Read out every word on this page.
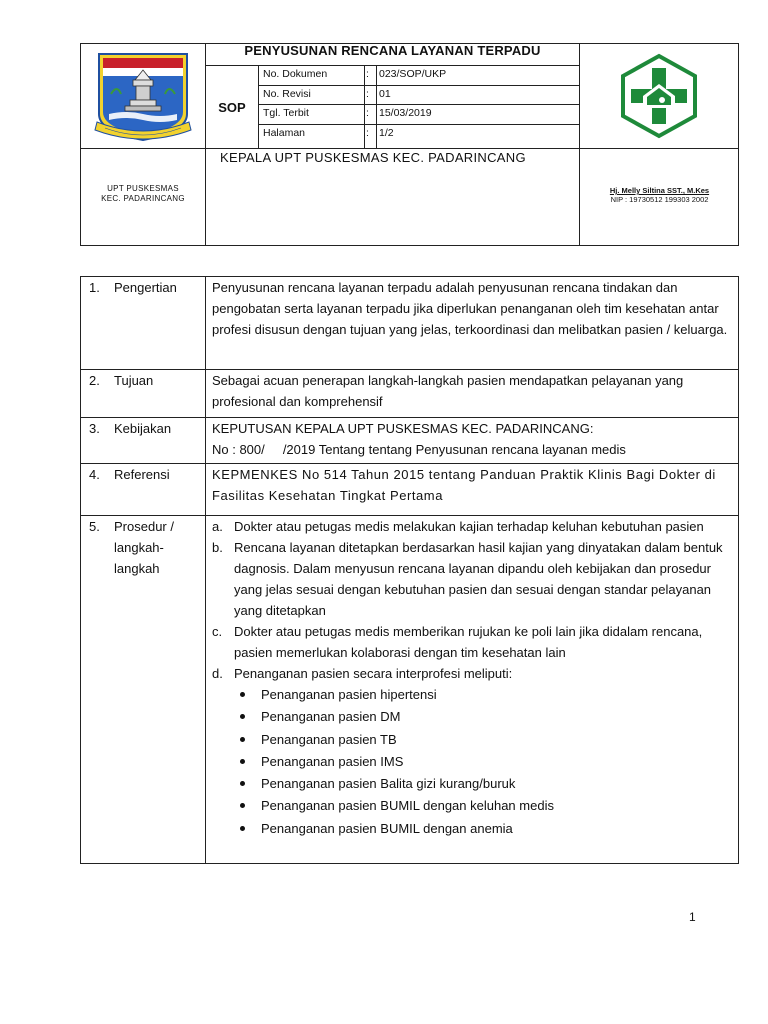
PENYUSUNAN RENCANA LAYANAN TERPADU
SOP
No. Dokumen	: 023/SOP/UKP
No. Revisi	: 01
Tgl. Terbit	: 15/03/2019
Halaman	: 1/2
UPT PUSKESMAS
KEC. PADARINCANG
KEPALA UPT PUSKESMAS KEC. PADARINCANG
Hj. Melly Siltina SST., M.Kes
NIP : 19730512 199303 2002
1. Pengertian	Penyusunan rencana layanan terpadu adalah penyusunan rencana tindakan dan pengobatan serta layanan terpadu jika diperlukan penanganan oleh tim kesehatan antar profesi disusun dengan tujuan yang jelas, terkoordinasi dan melibatkan pasien / keluarga.
2. Tujuan	Sebagai acuan penerapan langkah-langkah pasien mendapatkan pelayanan yang profesional dan komprehensif
3. Kebijakan	KEPUTUSAN KEPALA UPT PUSKESMAS KEC. PADARINCANG:

No : 800/     /2019 Tentang tentang Penyusunan rencana layanan medis

4. Referensi	KEPMENKES No 514 Tahun 2015 tentang Panduan Praktik Klinis Bagi Dokter di Fasilitas Kesehatan Tingkat Pertama
5. Prosedur / langkah-langkah
a. Dokter atau petugas medis melakukan kajian terhadap keluhan kebutuhan pasien
b. Rencana layanan ditetapkan berdasarkan hasil kajian yang dinyatakan dalam bentuk dagnosis. Dalam menyusun rencana layanan dipandu oleh kebijakan dan prosedur yang jelas sesuai dengan kebutuhan pasien dan sesuai dengan standar pelayanan yang ditetapkan
c. Dokter atau petugas medis memberikan rujukan ke poli lain jika didalam rencana, pasien memerlukan kolaborasi dengan tim kesehatan lain
d. Penanganan pasien secara interprofesi meliputi:
Penanganan pasien hipertensi
Penanganan pasien DM
Penanganan pasien TB
Penanganan pasien IMS
Penanganan pasien Balita gizi kurang/buruk
Penanganan pasien BUMIL dengan keluhan medis
Penanganan pasien BUMIL dengan anemia
1
